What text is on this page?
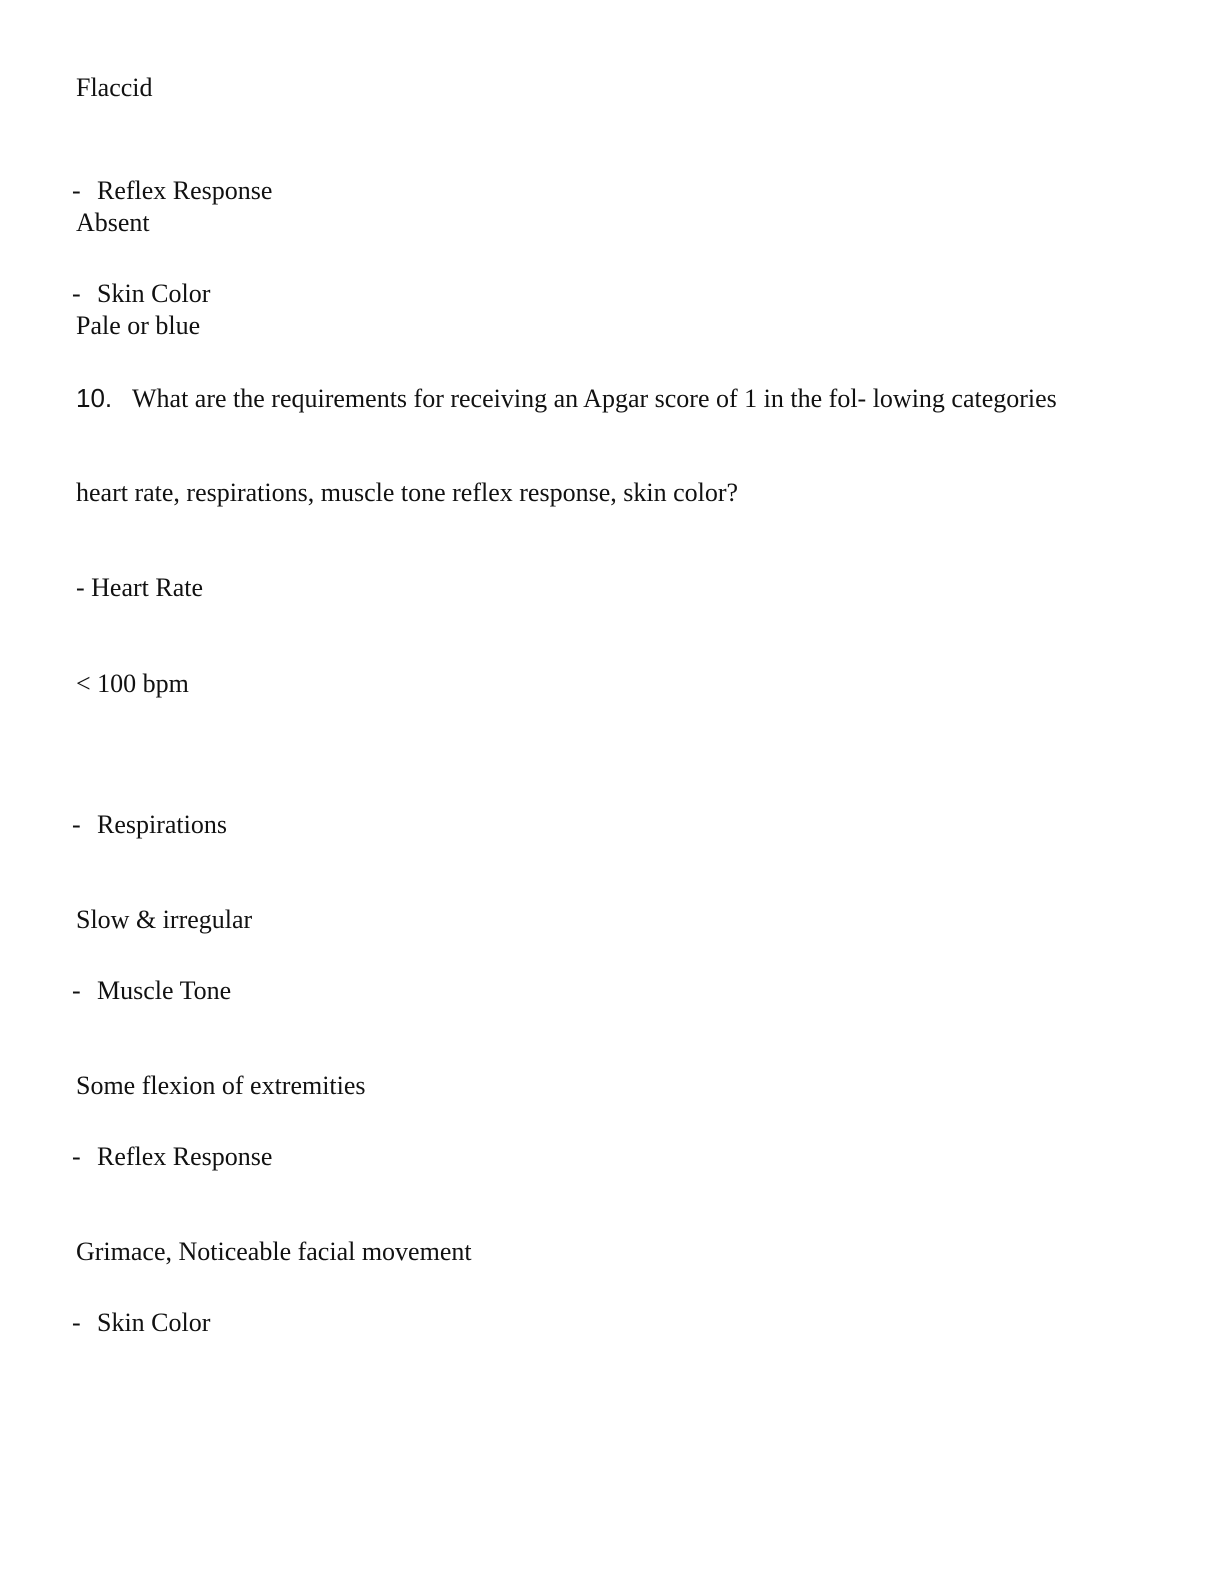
Flaccid
- Reflex Response
Absent
- Skin Color
Pale or blue
10. What are the requirements for receiving an Apgar score of 1 in the fol- lowing categories
heart rate, respirations, muscle tone reflex response, skin color?
- Heart Rate
< 100 bpm
- Respirations
Slow & irregular
- Muscle Tone
Some flexion of extremities
- Reflex Response
Grimace, Noticeable facial movement
- Skin Color
